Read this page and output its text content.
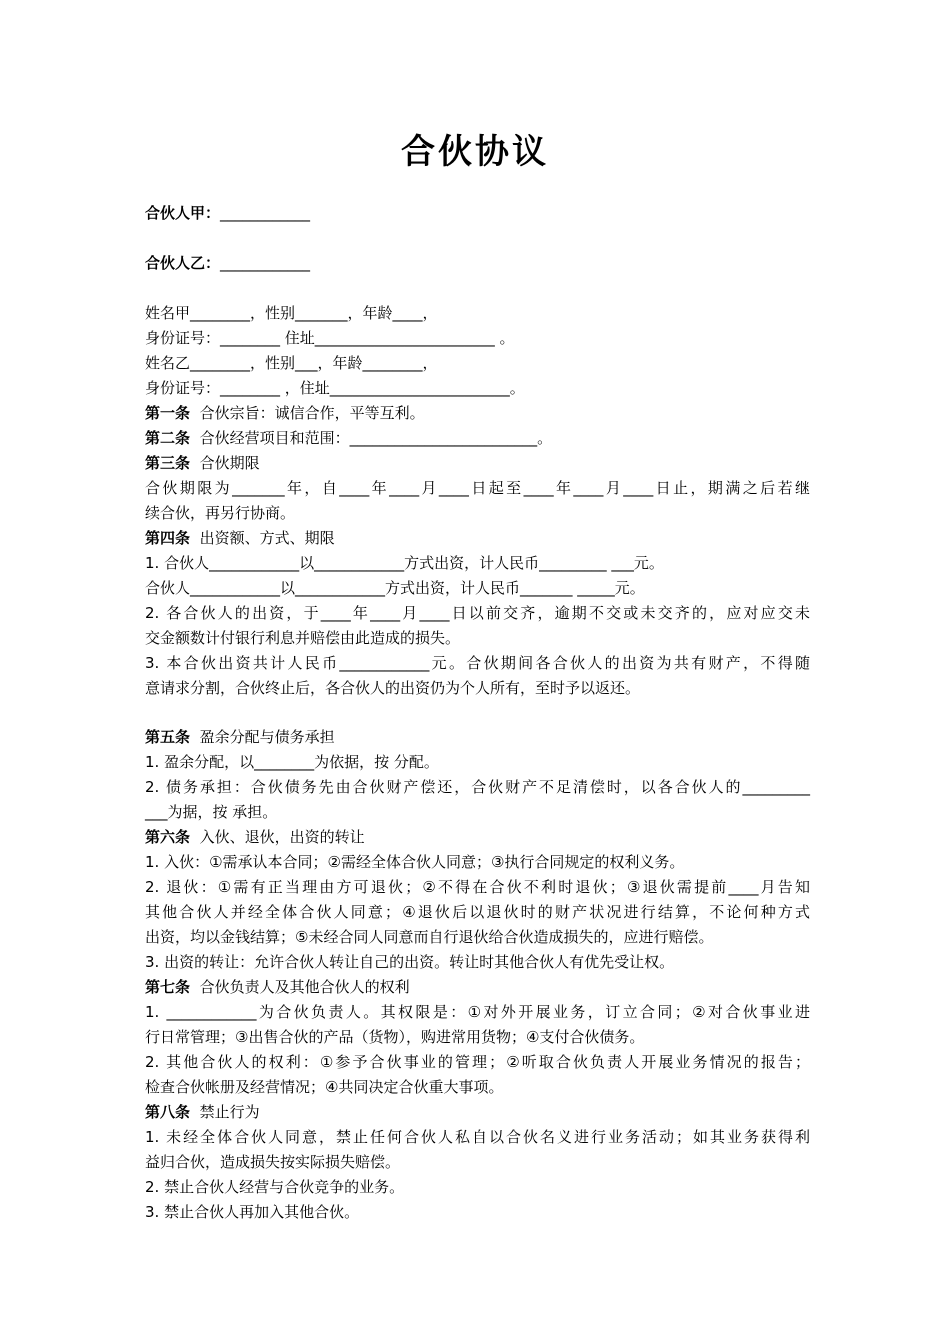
合伙协议
合伙人甲：____________
合伙人乙：____________
姓名甲________，性别_______，年龄____，
身份证号：________ 住址________________________ 。
姓名乙________，性别___，年龄________，
身份证号：________ ，住址________________________。
第一条 合伙宗旨：诚信合作，平等互利。
第二条 合伙经营项目和范围：_________________________。
第三条 合伙期限
合伙期限为_______年，自____年____月____日起至____年____月____日止，期满之后若继
续合伙，再另行协商。
第四条 出资额、方式、期限
1. 合伙人____________以____________方式出资，计人民币_________ ___元。
合伙人____________以____________方式出资，计人民币_______ _____元。
2. 各合伙人的出资，于____年____月____日以前交齐，逾期不交或未交齐的，应对应交未
交金额数计付银行利息并赔偿由此造成的损失。
3. 本合伙出资共计人民币____________元。合伙期间各合伙人的出资为共有财产，不得随
意请求分割，合伙终止后，各合伙人的出资仍为个人所有，至时予以返还。
第五条 盈余分配与债务承担
1. 盈余分配，以________为依据，按 分配。
2. 债务承担：合伙债务先由合伙财产偿还，合伙财产不足清偿时，以各合伙人的_________
___为据，按 承担。
第六条 入伙、退伙，出资的转让
1. 入伙：①需承认本合同；②需经全体合伙人同意；③执行合同规定的权利义务。
2. 退伙：①需有正当理由方可退伙；②不得在合伙不利时退伙；③退伙需提前____月告知
其他合伙人并经全体合伙人同意；④退伙后以退伙时的财产状况进行结算，不论何种方式
出资，均以金钱结算；⑤未经合同人同意而自行退伙给合伙造成损失的，应进行赔偿。
3. 出资的转让：允许合伙人转让自己的出资。转让时其他合伙人有优先受让权。
第七条 合伙负责人及其他合伙人的权利
1. ____________为合伙负责人。其权限是：①对外开展业务，订立合同；②对合伙事业进
行日常管理；③出售合伙的产品（货物），购进常用货物；④支付合伙债务。
2. 其他合伙人的权利：①参予合伙事业的管理；②听取合伙负责人开展业务情况的报告；
检查合伙帐册及经营情况；④共同决定合伙重大事项。
第八条 禁止行为
1. 未经全体合伙人同意，禁止任何合伙人私自以合伙名义进行业务活动；如其业务获得利
益归合伙，造成损失按实际损失赔偿。
2. 禁止合伙人经营与合伙竞争的业务。
3. 禁止合伙人再加入其他合伙。
